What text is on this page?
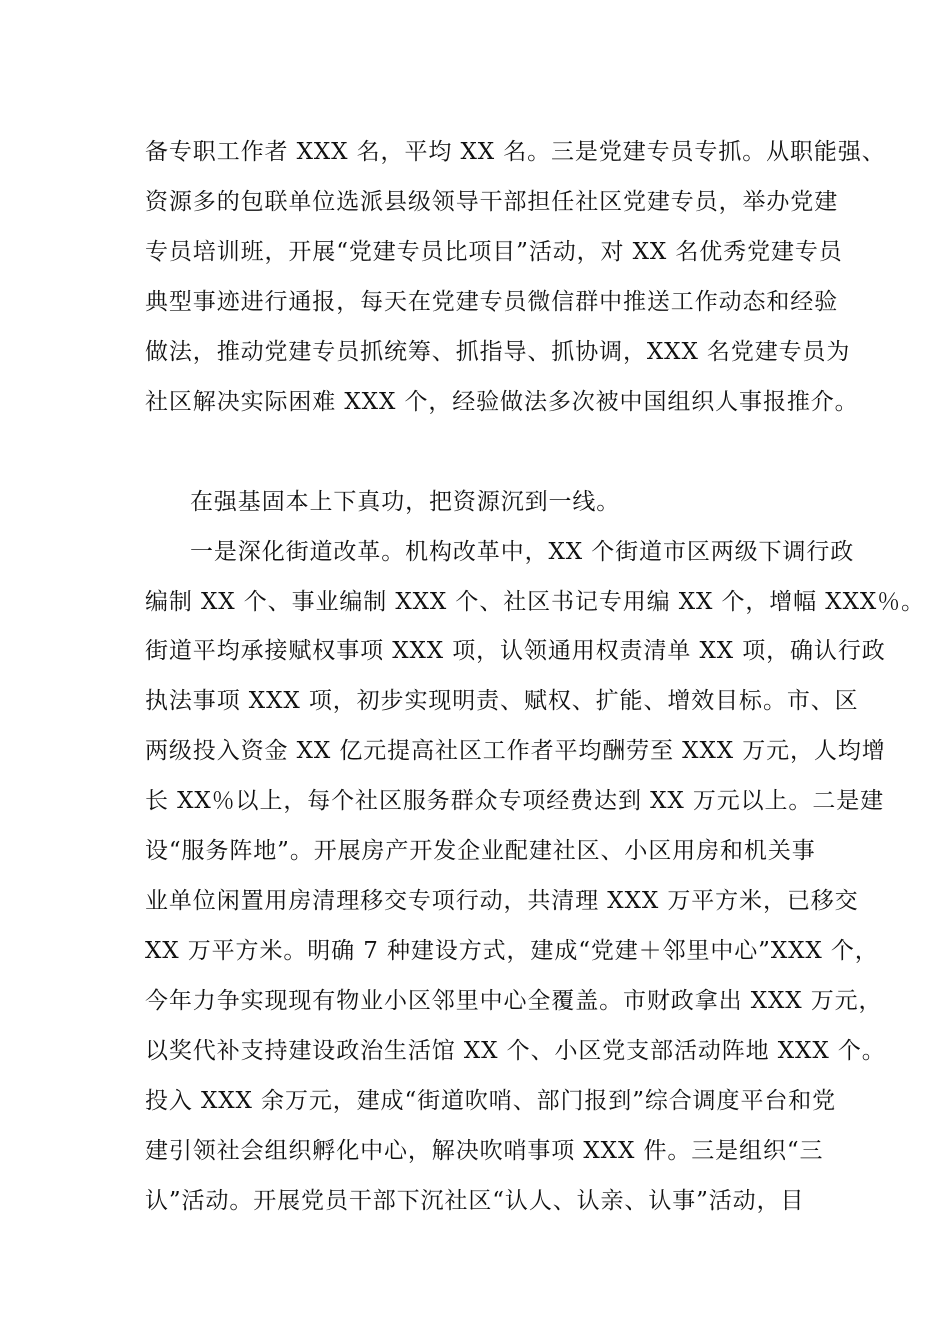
备专职工作者 XXX 名，平均 XX 名。三是党建专员专抓。从职能强、
资源多的包联单位选派县级领导干部担任社区党建专员，举办党建
专员培训班，开展“党建专员比项目”活动，对 XX 名优秀党建专员
典型事迹进行通报，每天在党建专员微信群中推送工作动态和经验
做法，推动党建专员抓统筹、抓指导、抓协调，XXX 名党建专员为
社区解决实际困难 XXX 个，经验做法多次被中国组织人事报推介。
在强基固本上下真功，把资源沉到一线。
一是深化街道改革。机构改革中，XX 个街道市区两级下调行政
编制 XX 个、事业编制 XXX 个、社区书记专用编 XX 个，增幅 XXX％。
街道平均承接赋权事项 XXX 项，认领通用权责清单 XX 项，确认行政
执法事项 XXX 项，初步实现明责、赋权、扩能、增效目标。市、区
两级投入资金 XX 亿元提高社区工作者平均酬劳至 XXX 万元，人均增
长 XX％以上，每个社区服务群众专项经费达到 XX 万元以上。二是建
设“服务阵地”。开展房产开发企业配建社区、小区用房和机关事
业单位闲置用房清理移交专项行动，共清理 XXX 万平方米，已移交
XX 万平方米。明确 7 种建设方式，建成“党建＋邻里中心”XXX 个，
今年力争实现现有物业小区邻里中心全覆盖。市财政拿出 XXX 万元，
以奖代补支持建设政治生活馆 XX 个、小区党支部活动阵地 XXX 个。
投入 XXX 余万元，建成“街道吹哨、部门报到”综合调度平台和党
建引领社会组织孵化中心，解决吹哨事项 XXX 件。三是组织“三
认”活动。开展党员干部下沉社区“认人、认亲、认事”活动，目
